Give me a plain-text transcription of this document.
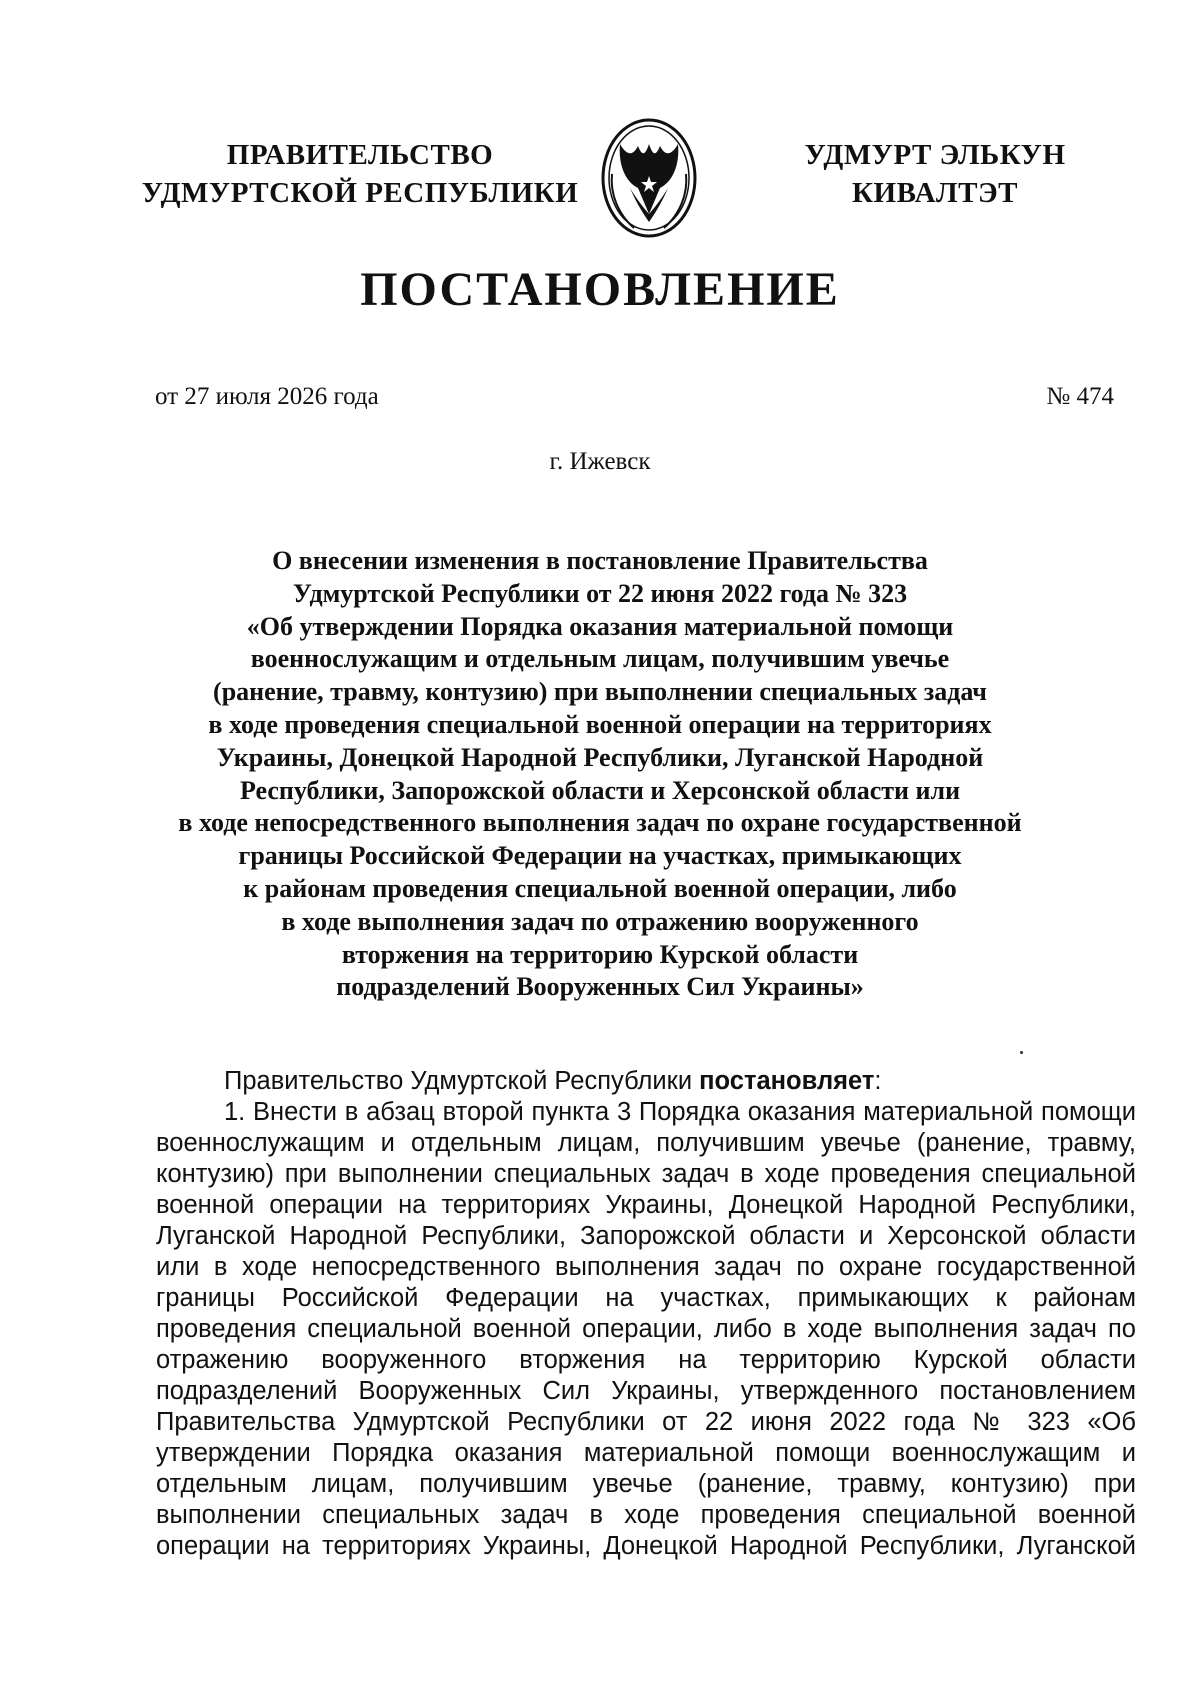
ПРАВИТЕЛЬСТВО
УДМУРТСКОЙ РЕСПУБЛИКИ
УДМУРТ ЭЛЬКУН
КИВАЛТЭТ
ПОСТАНОВЛЕНИЕ
от 27 июля 2026 года	№ 474
г. Ижевск
О внесении изменения в постановление Правительства
Удмуртской Республики от 22 июня 2022 года № 323
«Об утверждении Порядка оказания материальной помощи
военнослужащим и отдельным лицам, получившим увечье
(ранение, травму, контузию) при выполнении специальных задач
в ходе проведения специальной военной операции на территориях
Украины, Донецкой Народной Республики, Луганской Народной
Республики, Запорожской области и Херсонской области или
в ходе непосредственного выполнения задач по охране государственной
границы Российской Федерации на участках, примыкающих
к районам проведения специальной военной операции, либо
в ходе выполнения задач по отражению вооруженного
вторжения на территорию Курской области
подразделений Вооруженных Сил Украины»
Правительство Удмуртской Республики постановляет:
1. Внести в абзац второй пункта 3 Порядка оказания материальной помощи
военнослужащим и отдельным лицам, получившим увечье (ранение, травму,
контузию) при выполнении специальных задач в ходе проведения специальной
военной операции на территориях Украины, Донецкой Народной Республики,
Луганской Народной Республики, Запорожской области и Херсонской области
или в ходе непосредственного выполнения задач по охране государственной
границы Российской Федерации на участках, примыкающих к районам
проведения специальной военной операции, либо в ходе выполнения задач по
отражению вооруженного вторжения на территорию Курской области
подразделений Вооруженных Сил Украины, утвержденного постановлением
Правительства Удмуртской Республики от 22 июня 2022 года № 323 «Об
утверждении Порядка оказания материальной помощи военнослужащим и
отдельным лицам, получившим увечье (ранение, травму, контузию) при
выполнении специальных задач в ходе проведения специальной военной
операции на территориях Украины, Донецкой Народной Республики, Луганской
